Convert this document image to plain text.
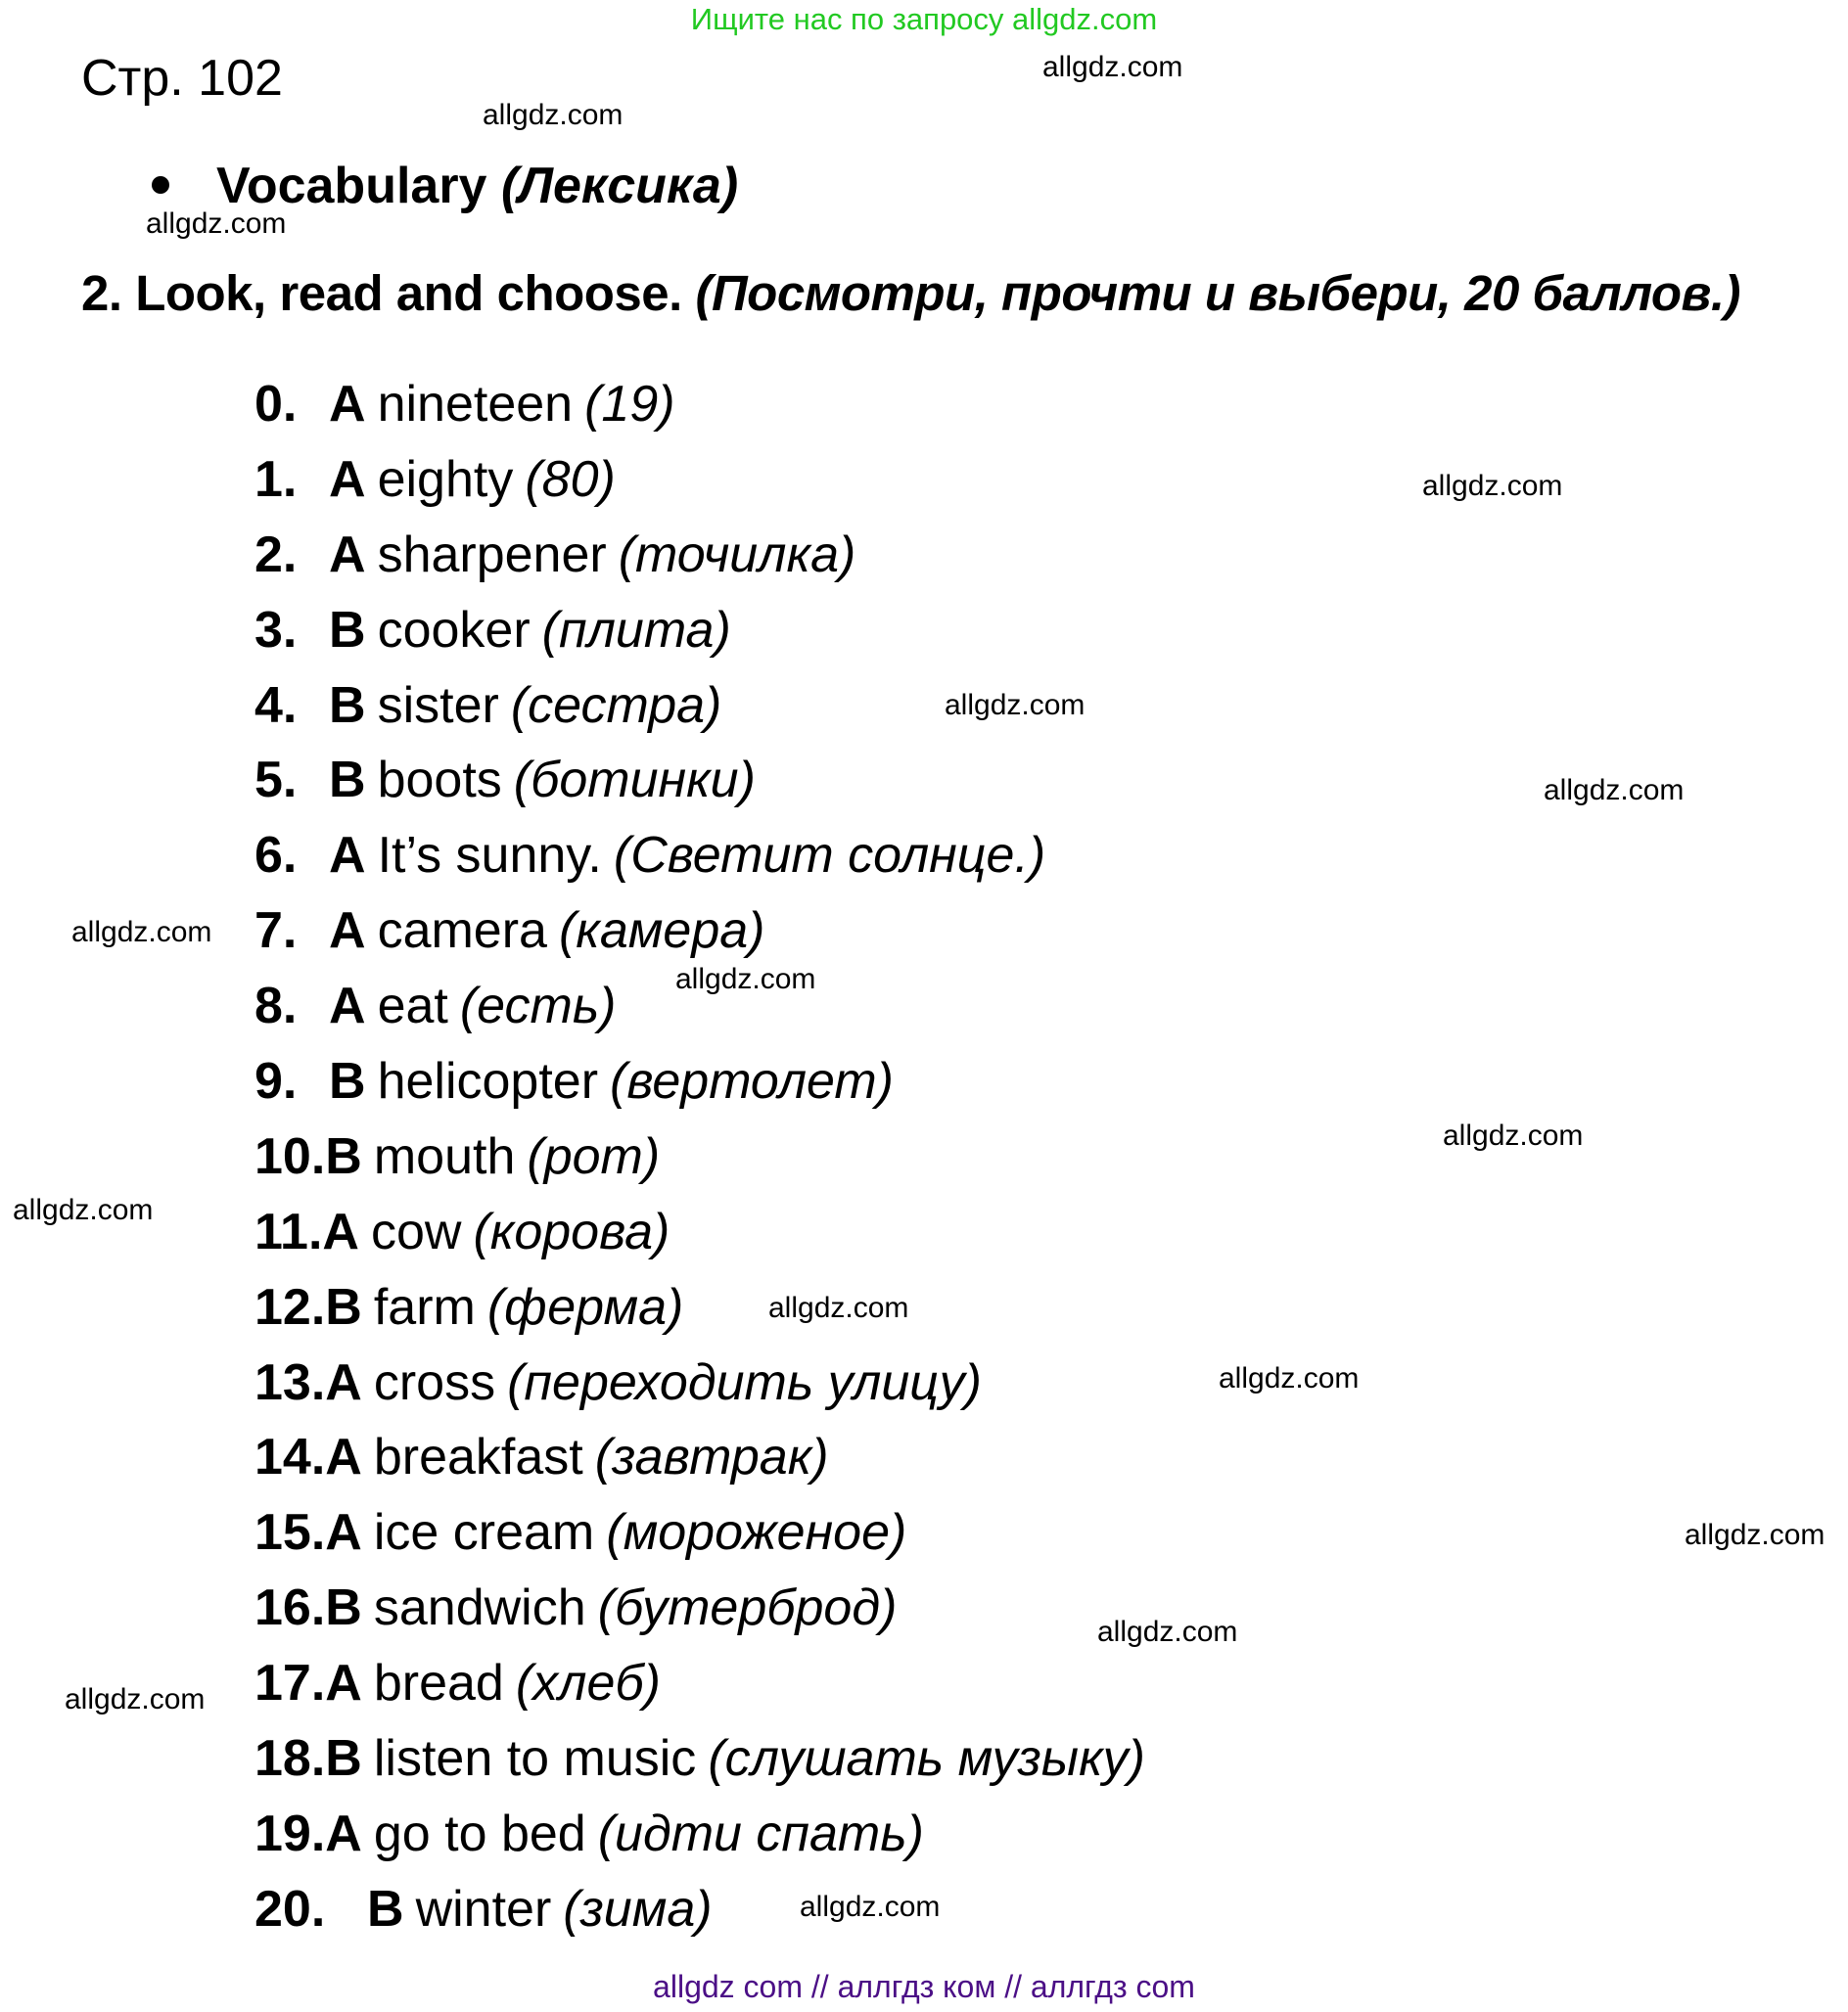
Ищите нас по запросу allgdz.com
Стр. 102
Vocabulary (Лексика)
2. Look, read and choose. (Посмотри, прочти и выбери, 20 баллов.)
0. A nineteen (19)
1. A eighty (80)
2. A sharpener (точилка)
3. B cooker (плита)
4. B sister (сестра)
5. B boots (ботинки)
6. A It’s sunny. (Светит солнце.)
7. A camera (камера)
8. A eat (есть)
9. B helicopter (вертолет)
10.B mouth (рот)
11.A cow (корова)
12.B farm (ферма)
13.A cross (переходить улицу)
14.A breakfast (завтрак)
15.A ice cream (мороженое)
16.B sandwich (бутерброд)
17.A bread (хлеб)
18.B listen to music (слушать музыку)
19.A go to bed (идти спать)
20. B winter (зима)
allgdz.com
allgdz.com
allgdz.com
allgdz.com
allgdz.com
allgdz.com
allgdz.com
allgdz.com
allgdz.com
allgdz.com
allgdz.com
allgdz.com
allgdz.com
allgdz.com
allgdz.com
allgdz.com
allgdz com // аллгдз ком // аллгдз com
